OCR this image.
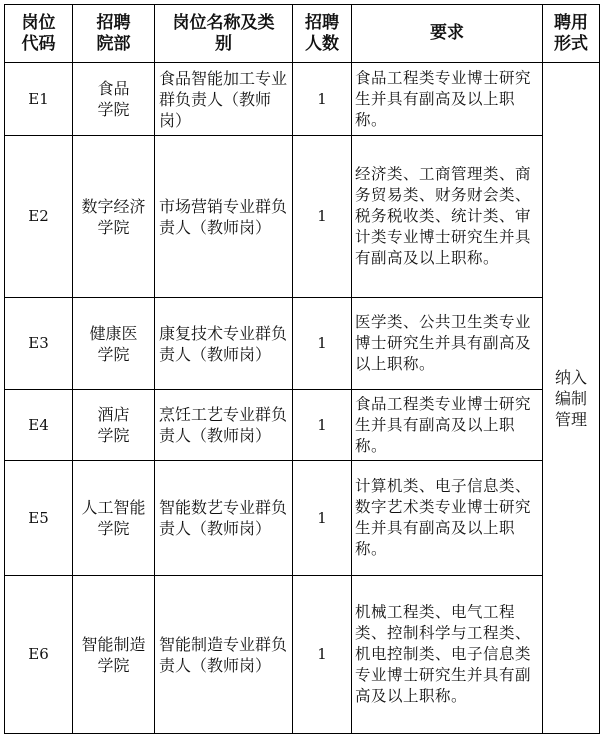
岗位代码	招聘院部	岗位名称及类别	招聘人数	要求	聘用形式

E1	食品学院	食品智能加工专业群负责人（教师岗）	1	食品工程类专业博士研究生并具有副高及以上职称。	纳入编制管理

E2	数字经济学院	市场营销专业群负责人（教师岗）	1	经济类、工商管理类、商务贸易类、财务财会类、税务税收类、统计类、审计类专业博士研究生并具有副高及以上职称。	

E3	健康医学院	康复技术专业群负责人（教师岗）	1	医学类、公共卫生类专业博士研究生并具有副高及以上职称。	

E4	酒店学院	烹饪工艺专业群负责人（教师岗）	1	食品工程类专业博士研究生并具有副高及以上职称。	

E5	人工智能学院	智能数艺专业群负责人（教师岗）	1	计算机类、电子信息类、数字艺术类专业博士研究生并具有副高及以上职称。	

E6	智能制造学院	智能制造专业群负责人（教师岗）	1	机械工程类、电气工程类、控制科学与工程类、机电控制类、电子信息类专业博士研究生并具有副高及以上职称。	
